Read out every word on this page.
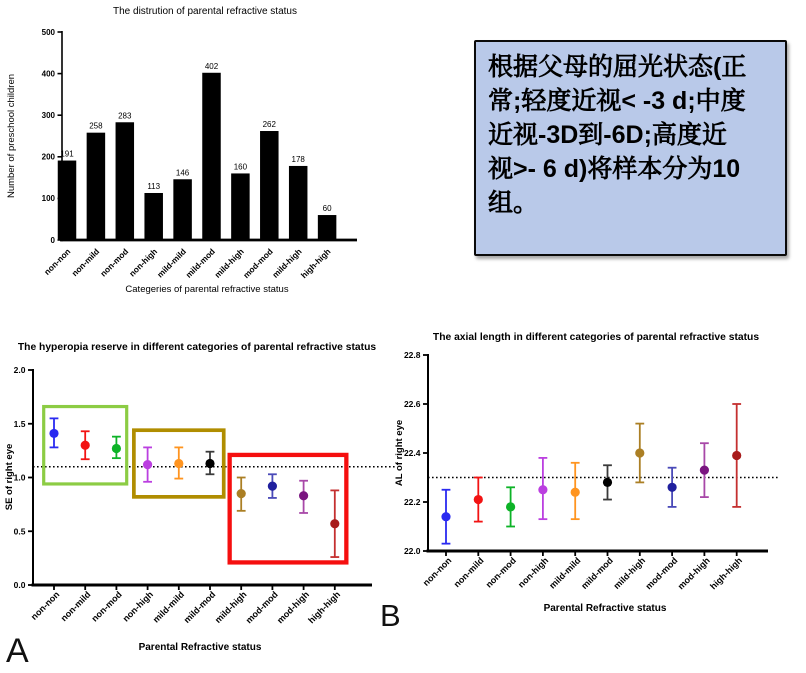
The distrution of parental refractive status
Number of preschool children
Categeries of parental refractive status
0
100
200
300
400
500
191
non-non
258
non-mild
283
non-mod
113
non-high
146
mild-mild
402
mild-mod
160
mild-high
262
mod-mod
178
mild-high
60
high-high
根据父母的屈光状态(正
常;轻度近视< -3 d;中度
近视-3D到-6D;高度近
视>- 6 d)将样本分为10
组。
The hyperopia reserve in different categories of parental refractive status
SE of right eye
Parental Refractive status
0.0
0.5
1.0
1.5
2.0
non-non
non-mild
non-mod
non-high
mild-mild
mild-mod
mild-high
mod-mod
mod-high
high-high
The axial length in different categories of parental refractive status
AL of right eye
Parental Refractive status
22.0
22.2
22.4
22.6
22.8
non-non
non-mild
non-mod
non-high
mild-mild
mild-mod
mild-high
mod-mod
mod-high
high-high
A
B
